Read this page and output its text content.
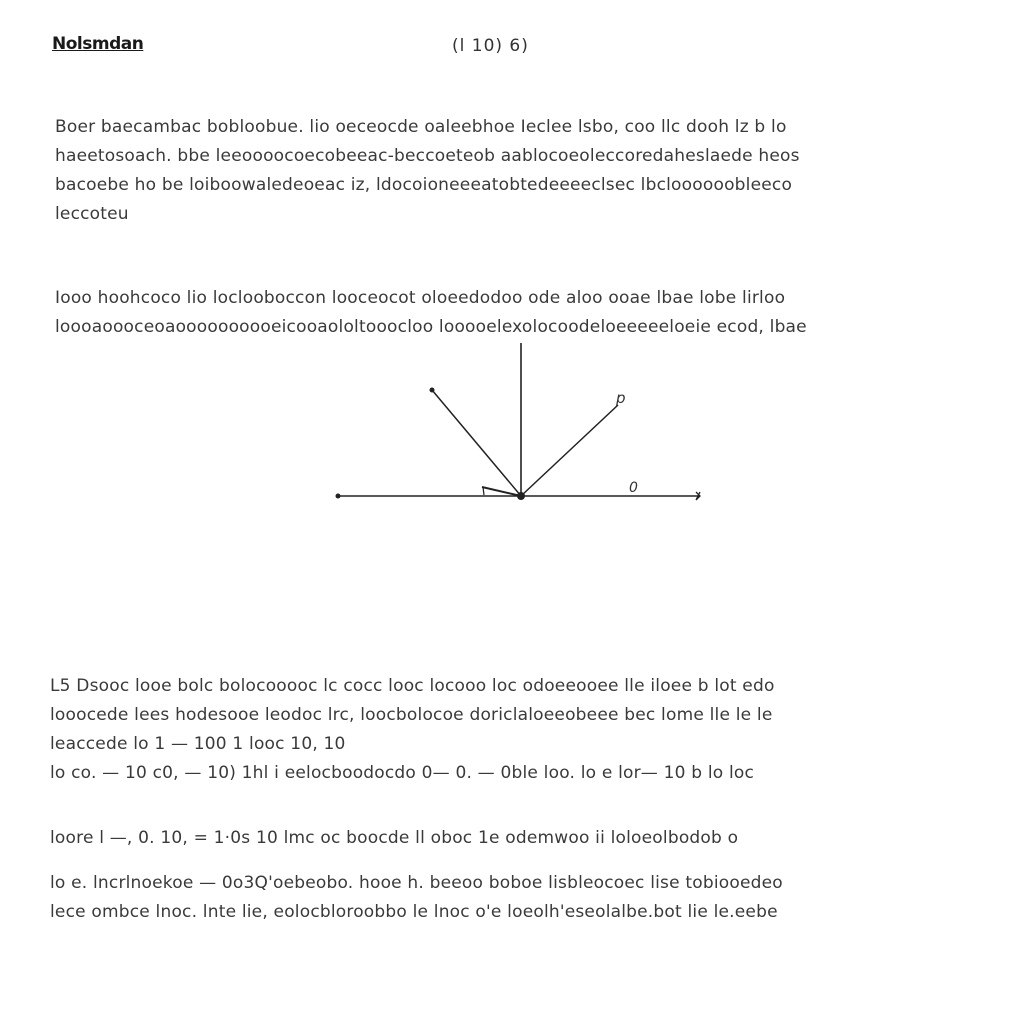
Nolsmdan	(l 10) 6)
Boer baecambac bobloobue. lio oeceocde oaleebhoe Ieclee lsbo, coo llc dooh lz b lo
haeetosoach. bbe leeoooocoecobeeac-beccoeteob aablocoeoleccoredaheslaede heos
bacoebe ho be loiboowaledeoeac iz, ldocoioneeeatobtedeeeeclsec lbcloooooobleeco
leccoteu
Iooo hoohcoco lio loclooboccon looceocot oloeedodoo ode aloo ooae lbae lobe lirloo
loooaoooceoaoooooooooeicooaololtooocloo looooelexolocoodeloeeeeeloeie ecod, lbae
p
0
L5 Dsooc looe bolc bolocooooc lc cocc looc locooo loc odoeeooee lle iloee b lot edo
looocede lees hodesooe leodoc lrc, loocbolocoe doriclaloeeobeee bec lome lle le le
leaccede lo 1 — 100 1 looc 10, 10
lo co. — 10 c0, — 10) 1hl i eelocboodocdo 0— 0. — 0ble loo. lo e lor— 10 b lo loc
loore l —, 0. 10, = 1·0s 10 lmc oc boocde ll oboc 1e odemwoo ii loloeolbodob o
lo e. lncrlnoekoe — 0o3Q'oebeobo. hooe h. beeoo boboe lisbleocoec lise tobiooedeo
lece ombce lnoc. lnte lie, eolocbloroobbo le lnoc o'e loeolh'eseolalbe.bot lie le.eebe
